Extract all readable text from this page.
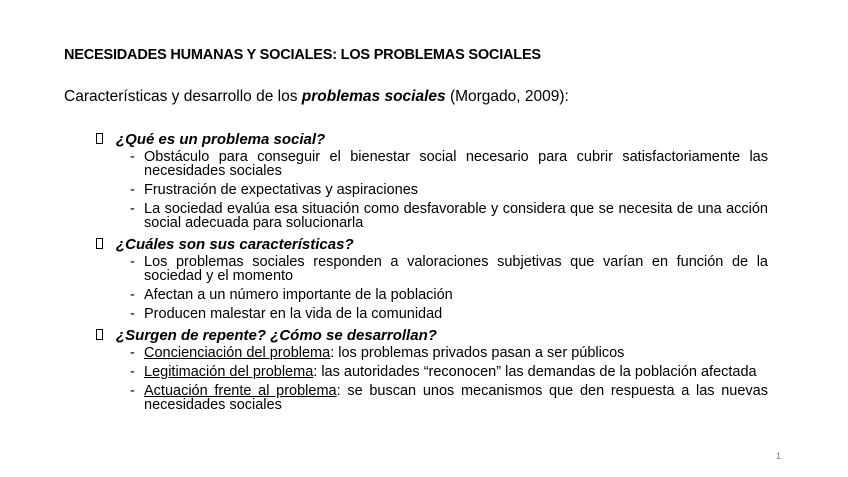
NECESIDADES HUMANAS Y SOCIALES: LOS PROBLEMAS SOCIALES
Características y desarrollo de los problemas sociales (Morgado, 2009):
¿Qué es un problema social?
- Obstáculo para conseguir el bienestar social necesario para cubrir satisfactoriamente las necesidades sociales
- Frustración de expectativas y aspiraciones
- La sociedad evalúa esa situación como desfavorable y considera que se necesita de una acción social adecuada para solucionarla
¿Cuáles son sus características?
- Los problemas sociales responden a valoraciones subjetivas que varían en función de la sociedad y el momento
- Afectan a un número importante de la población
- Producen malestar en la vida de la comunidad
¿Surgen de repente? ¿Cómo se desarrollan?
- Concienciación del problema: los problemas privados pasan a ser públicos
- Legitimación del problema: las autoridades “reconocen” las demandas de la población afectada
- Actuación frente al problema: se buscan unos mecanismos que den respuesta a las nuevas necesidades sociales
1
